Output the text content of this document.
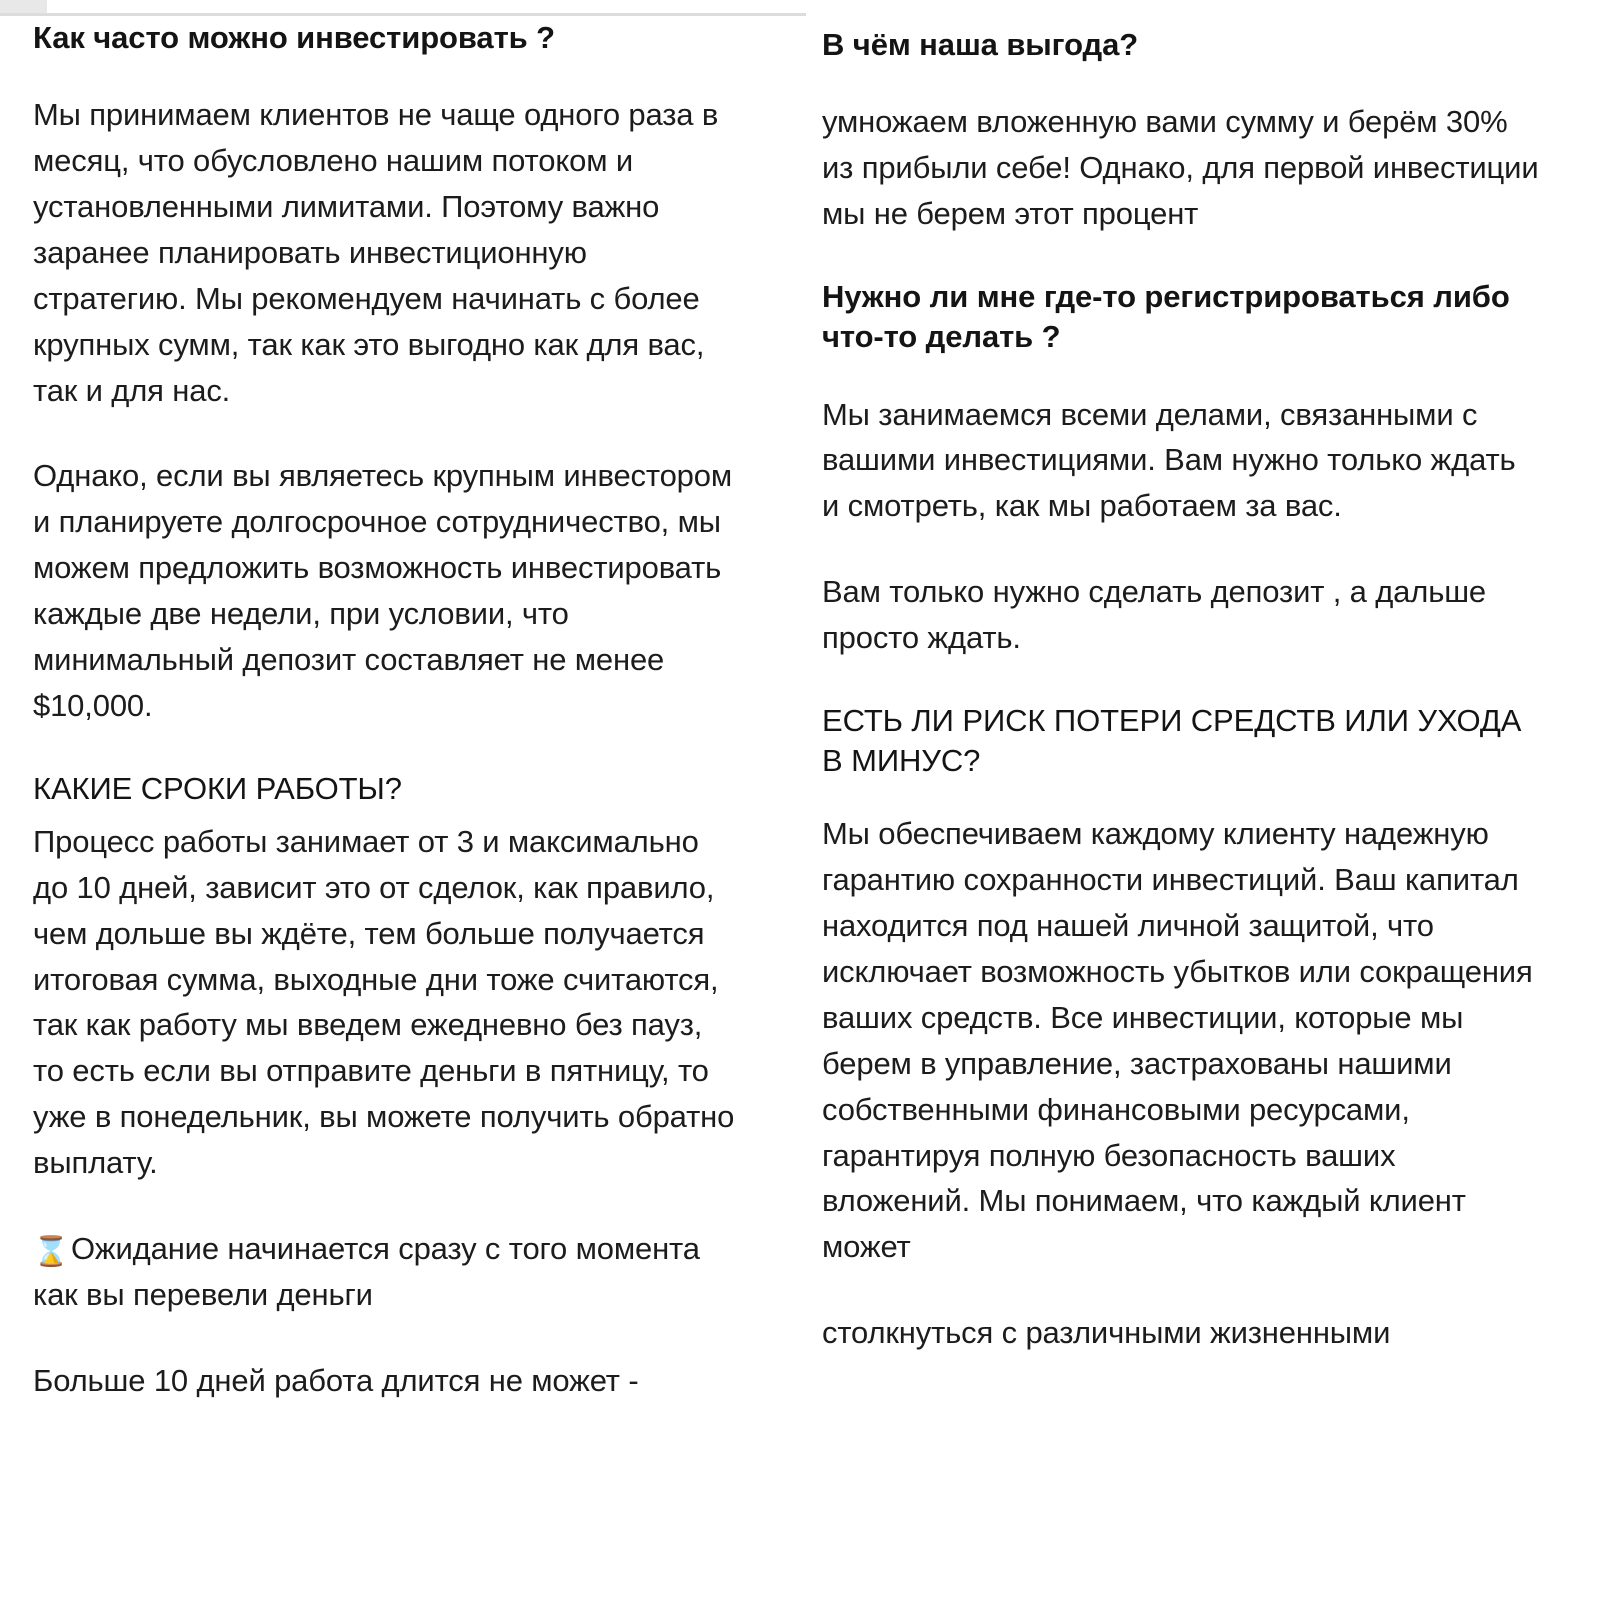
Как часто можно инвестировать ?

Мы принимаем клиентов не чаще одного раза в месяц, что обусловлено нашим потоком и установленными лимитами. Поэтому важно заранее планировать инвестиционную стратегию. Мы рекомендуем начинать с более крупных сумм, так как это выгодно как для вас, так и для нас.

Однако, если вы являетесь крупным инвестором и планируете долгосрочное сотрудничество, мы можем предложить возможность инвестировать каждые две недели, при условии, что минимальный депозит составляет не менее $10,000.

КАКИЕ СРОКИ РАБОТЫ?

Процесс работы занимает от 3 и максимально до 10 дней, зависит это от сделок, как правило, чем дольше вы ждёте, тем больше получается итоговая сумма, выходные дни тоже считаются, так как работу мы введем ежедневно без пауз, то есть если вы отправите деньги в пятницу, то уже в понедельник, вы можете получить обратно выплату.

⌛Ожидание начинается сразу с того момента как вы перевели деньги

Больше 10 дней работа длится не может -

В чём наша выгода?

умножаем вложенную вами сумму и берём 30% из прибыли себе! Однако, для первой инвестиции мы не берем этот процент

Нужно ли мне где-то регистрироваться либо что-то делать ?

Мы занимаемся всеми делами, связанными с вашими инвестициями. Вам нужно только ждать и смотреть, как мы работаем за вас.

Вам только нужно сделать депозит , а дальше просто ждать.

ЕСТЬ ЛИ РИСК ПОТЕРИ СРЕДСТВ ИЛИ УХОДА В МИНУС?

Мы обеспечиваем каждому клиенту надежную гарантию сохранности инвестиций. Ваш капитал находится под нашей личной защитой, что исключает возможность убытков или сокращения ваших средств. Все инвестиции, которые мы берем в управление, застрахованы нашими собственными финансовыми ресурсами, гарантируя полную безопасность ваших вложений. Мы понимаем, что каждый клиент может

столкнуться с различными жизненными
